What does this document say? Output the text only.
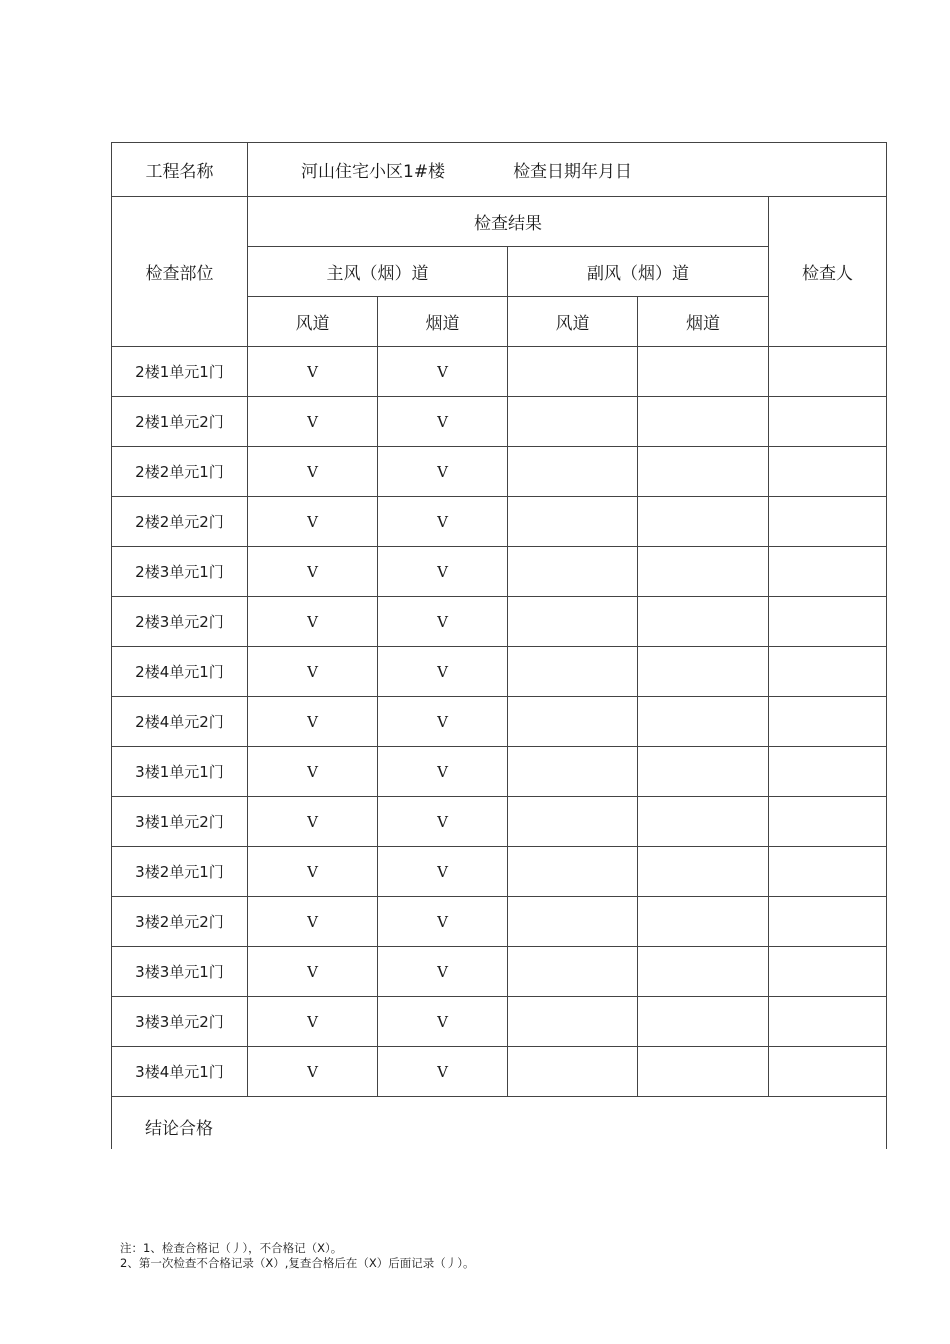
工程名称	河山住宅小区1#楼 检查日期年月日				
检查部位	检查结果				检查人
	主风（烟）道		副风（烟）道		
	风道	烟道	风道	烟道	
2楼1单元1门	V	V			
2楼1单元2门	V	V			
2楼2单元1门	V	V			
2楼2单元2门	V	V			
2楼3单元1门	V	V			
2楼3单元2门	V	V			
2楼4单元1门	V	V			
2楼4单元2门	V	V			
3楼1单元1门	V	V			
3楼1单元2门	V	V			
3楼2单元1门	V	V			
3楼2单元2门	V	V			
3楼3单元1门	V	V			
3楼3单元2门	V	V			
3楼4单元1门	V	V			
结论合格					
注：1、检查合格记（丿），不合格记（X）。
2、第一次检查不合格记录（X）,复查合格后在（X）后面记录（丿）。
